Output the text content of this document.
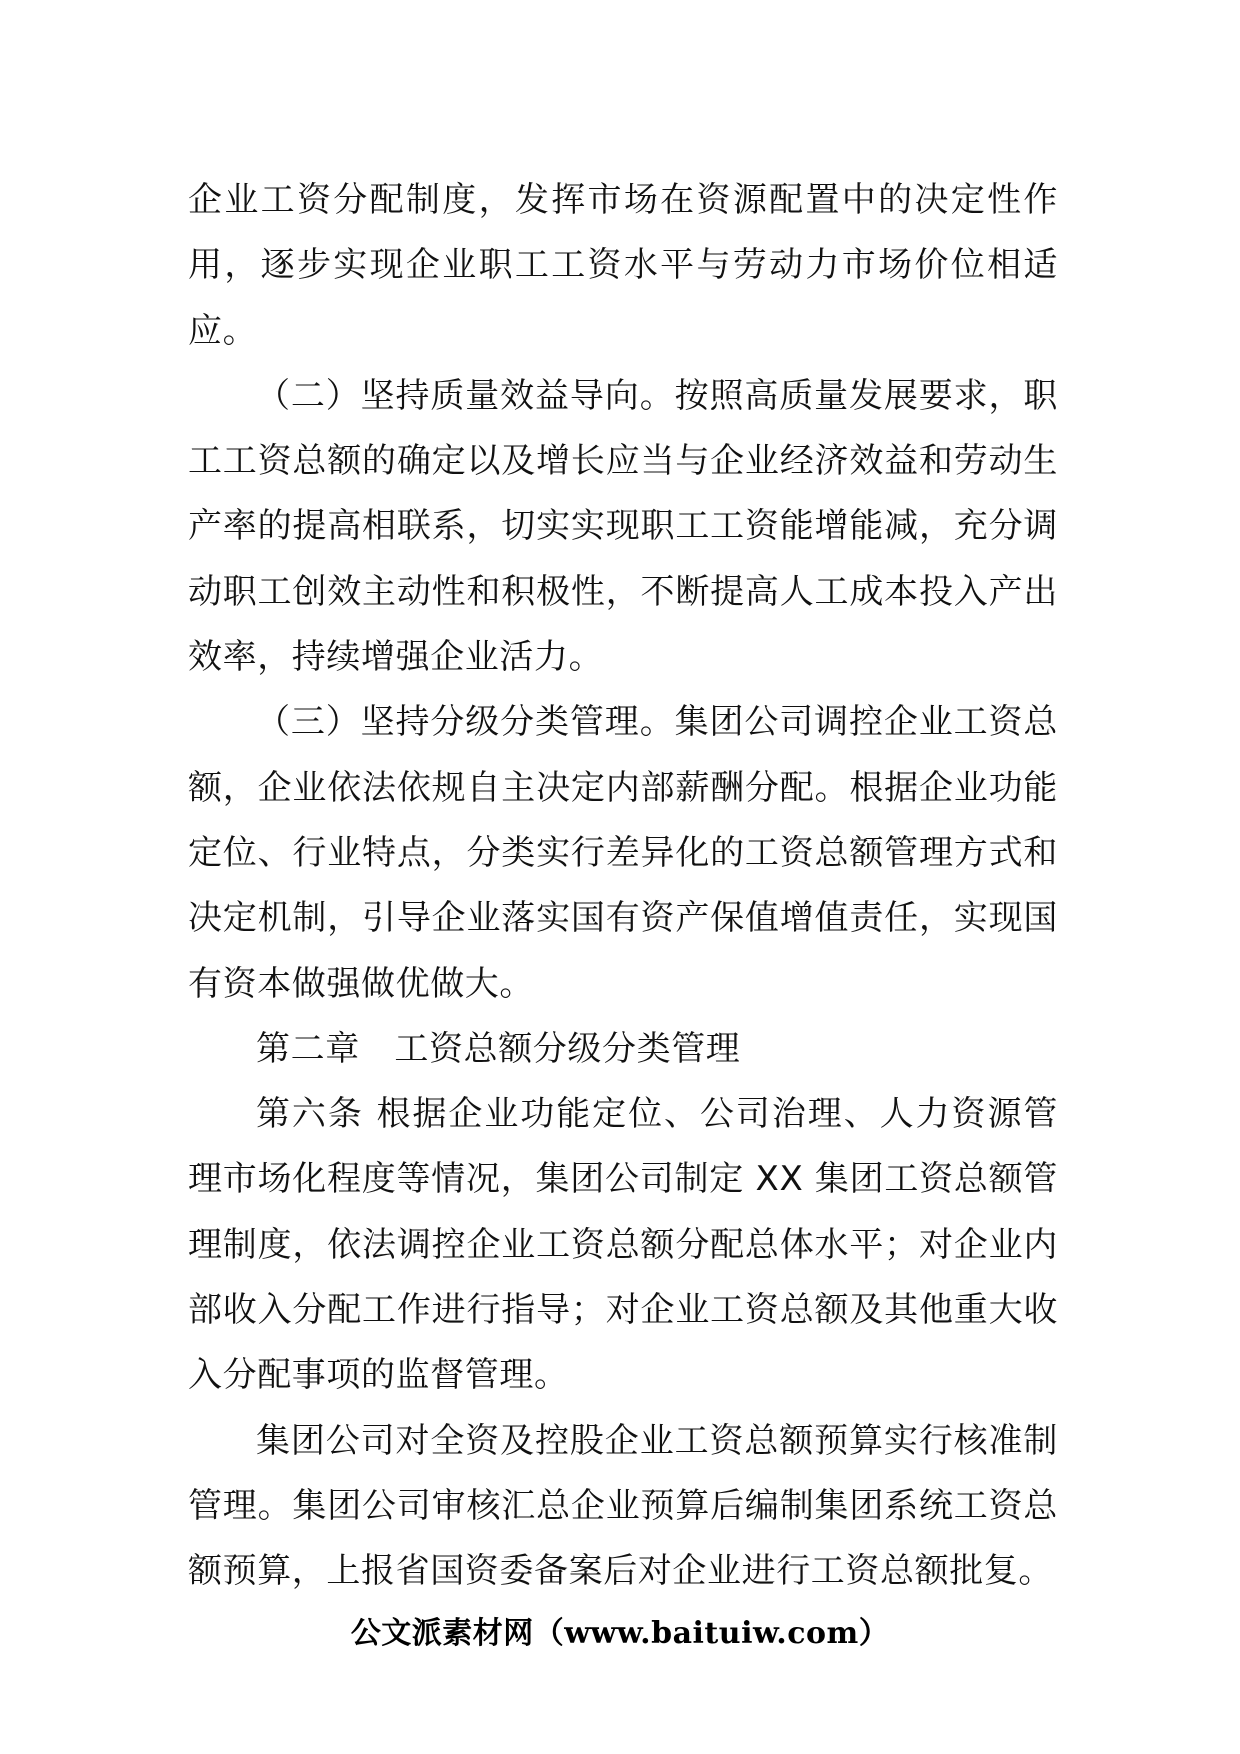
企业工资分配制度，发挥市场在资源配置中的决定性作用，逐步实现企业职工工资水平与劳动力市场价位相适应。

（二）坚持质量效益导向。按照高质量发展要求，职工工资总额的确定以及增长应当与企业经济效益和劳动生产率的提高相联系，切实实现职工工资能增能减，充分调动职工创效主动性和积极性，不断提高人工成本投入产出效率，持续增强企业活力。

（三）坚持分级分类管理。集团公司调控企业工资总额，企业依法依规自主决定内部薪酬分配。根据企业功能定位、行业特点，分类实行差异化的工资总额管理方式和决定机制，引导企业落实国有资产保值增值责任，实现国有资本做强做优做大。

第二章　工资总额分级分类管理

第六条 根据企业功能定位、公司治理、人力资源管理市场化程度等情况，集团公司制定 XX 集团工资总额管理制度，依法调控企业工资总额分配总体水平；对企业内部收入分配工作进行指导；对企业工资总额及其他重大收入分配事项的监督管理。

集团公司对全资及控股企业工资总额预算实行核准制管理。集团公司审核汇总企业预算后编制集团系统工资总额预算，上报省国资委备案后对企业进行工资总额批复。

公文派素材网（www.baituiw.com）
